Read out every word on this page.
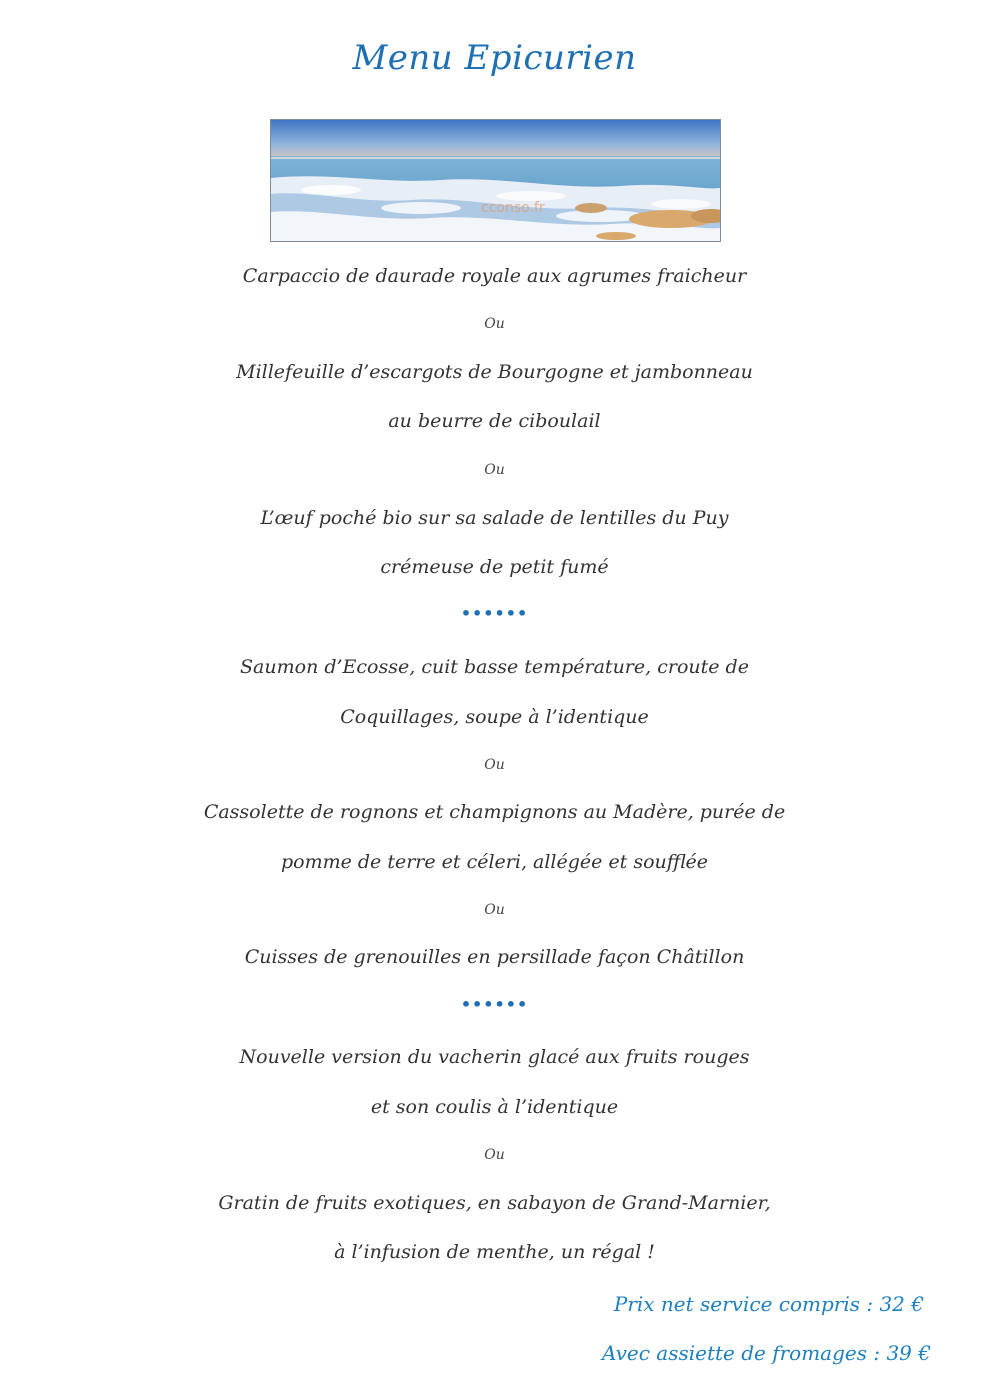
Menu Epicurien
cconso.fr
Carpaccio de daurade royale aux agrumes fraicheur
Ou
Millefeuille d’escargots de Bourgogne et jambonneau
au beurre de ciboulail
Ou
L’œuf poché bio sur sa salade de lentilles du Puy
crémeuse de petit fumé
••••••
Saumon d’Ecosse, cuit basse température, croute de
Coquillages, soupe à l’identique
Ou
Cassolette de rognons et champignons au Madère, purée de
pomme de terre et céleri, allégée et soufflée
Ou
Cuisses de grenouilles en persillade façon Châtillon
••••••
Nouvelle version du vacherin glacé aux fruits rouges
et son coulis à l’identique
Ou
Gratin de fruits exotiques, en sabayon de Grand-Marnier,
à l’infusion de menthe, un régal !
Prix net service compris : 32 €
Avec assiette de fromages : 39 €
